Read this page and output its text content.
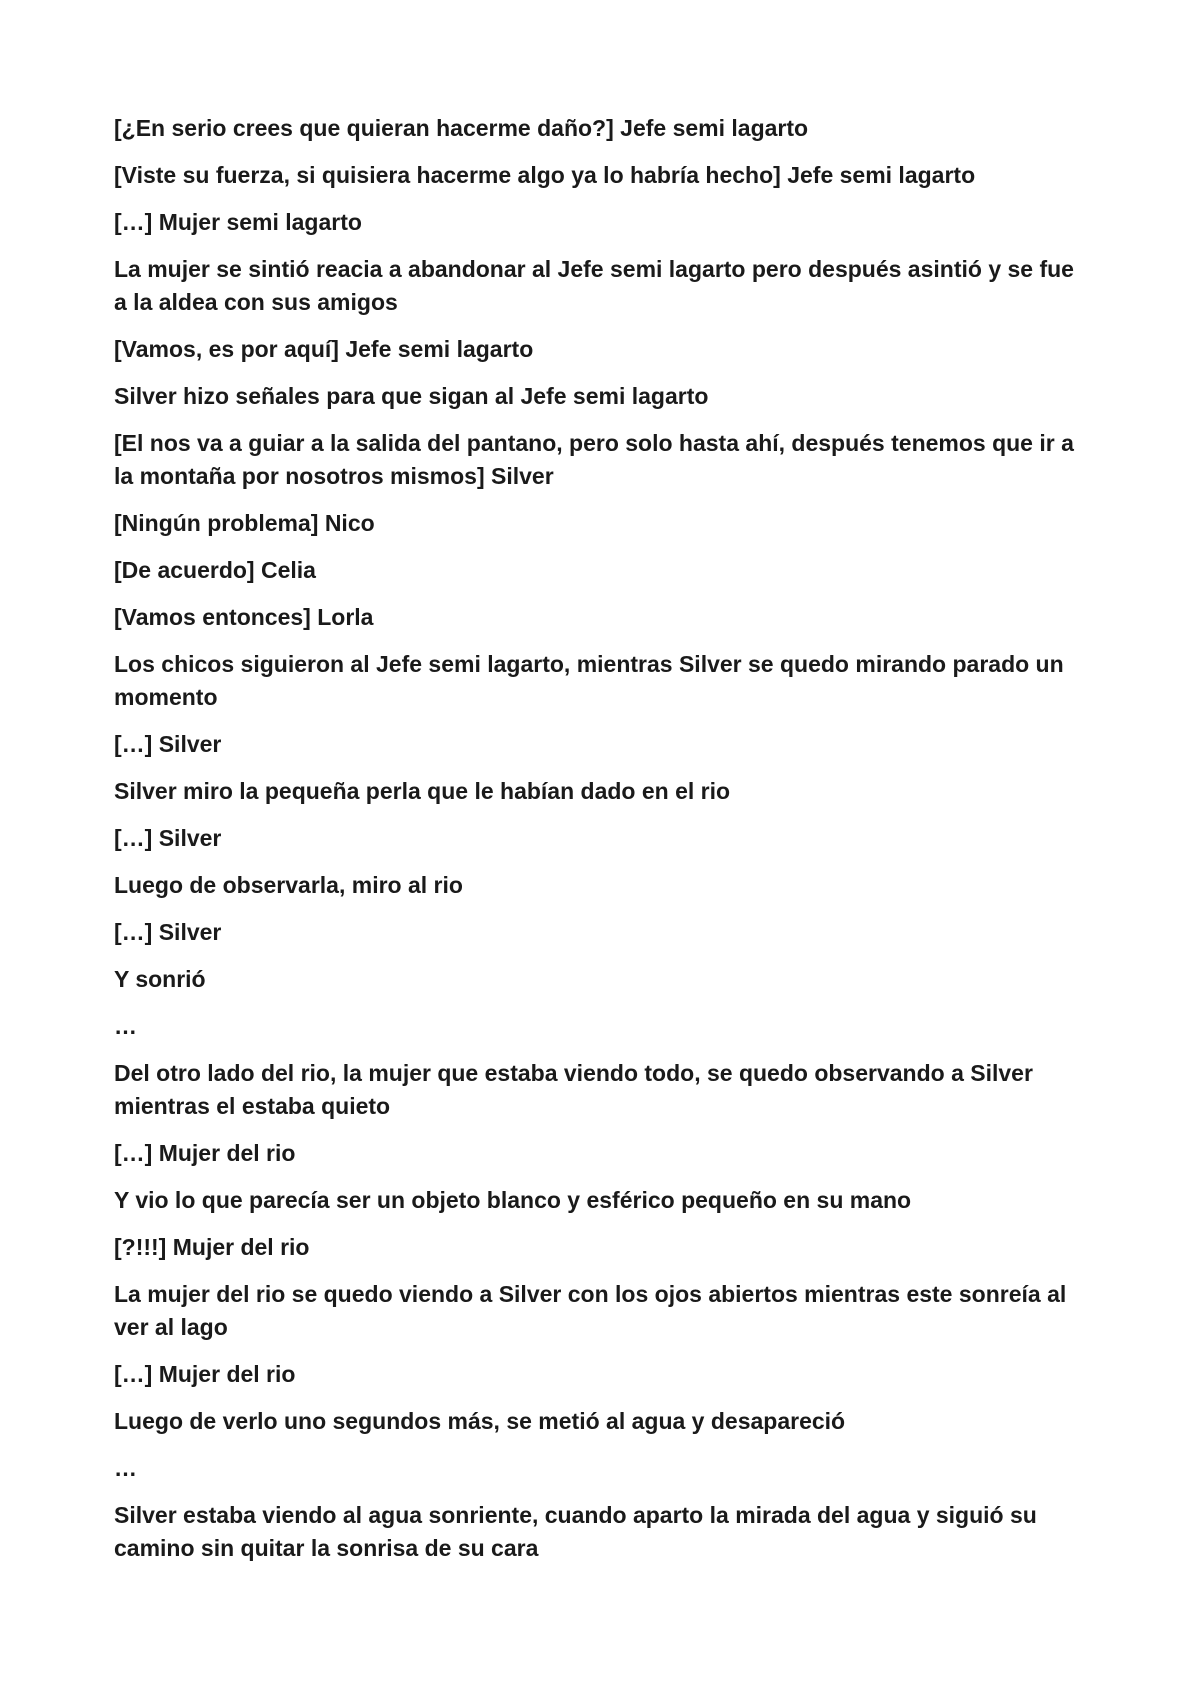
[¿En serio crees que quieran hacerme daño?] Jefe semi lagarto

[Viste su fuerza, si quisiera hacerme algo ya lo habría hecho] Jefe semi lagarto

[…] Mujer semi lagarto

La mujer se sintió reacia a abandonar al Jefe semi lagarto pero después asintió y se fue a la aldea con sus amigos

[Vamos, es por aquí] Jefe semi lagarto

Silver hizo señales para que sigan al Jefe semi lagarto

[El nos va a guiar a la salida del pantano, pero solo hasta ahí, después tenemos que ir a la montaña por nosotros mismos] Silver

[Ningún problema] Nico

[De acuerdo] Celia

[Vamos entonces] Lorla

Los chicos siguieron al Jefe semi lagarto, mientras Silver se quedo mirando parado un momento

[…] Silver

Silver miro la pequeña perla que le habían dado en el rio

[…] Silver

Luego de observarla, miro al rio

[…] Silver

Y sonrió

…

Del otro lado del rio, la mujer que estaba viendo todo, se quedo observando a Silver mientras el estaba quieto

[…] Mujer del rio

Y vio lo que parecía ser un objeto blanco y esférico pequeño en su mano

[?!!!] Mujer del rio

La mujer del rio se quedo viendo a Silver con los ojos abiertos mientras este sonreía al ver al lago

[…] Mujer del rio

Luego de verlo uno segundos más, se metió al agua y desapareció

…

Silver estaba viendo al agua sonriente, cuando aparto la mirada del agua y siguió su camino sin quitar la sonrisa de su cara
